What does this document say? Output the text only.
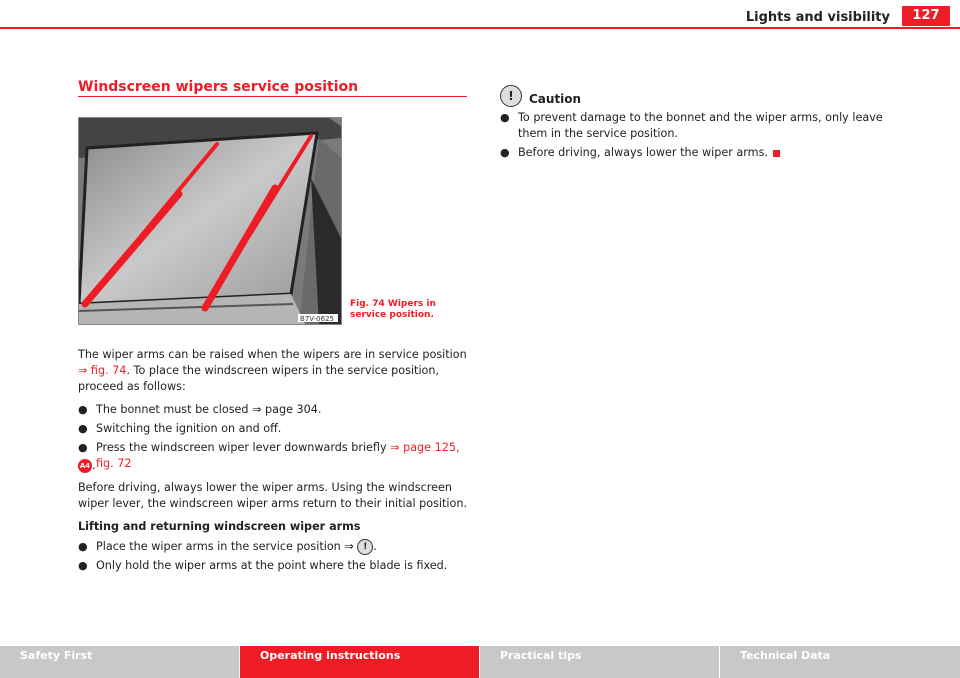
Lights and visibility	127
Windscreen wipers service position
B7V-0625
Fig. 74 Wipers in service position.
The wiper arms can be raised when the wipers are in service position
⇒ fig. 74. To place the windscreen wipers in the service position, proceed as follows:
● The bonnet must be closed ⇒ page 304.
● Switching the ignition on and off.
● Press the windscreen wiper lever downwards briefly ⇒ page 125, fig. 72
A4 .
Before driving, always lower the wiper arms. Using the windscreen wiper lever, the windscreen wiper arms return to their initial position.
Lifting and returning windscreen wiper arms
● Place the wiper arms in the service position ⇒ ! .
● Only hold the wiper arms at the point where the blade is fixed.
!	Caution
● To prevent damage to the bonnet and the wiper arms, only leave them in the service position.
● Before driving, always lower the wiper arms.
Safety First	Operating instructions	Practical tips	Technical Data
